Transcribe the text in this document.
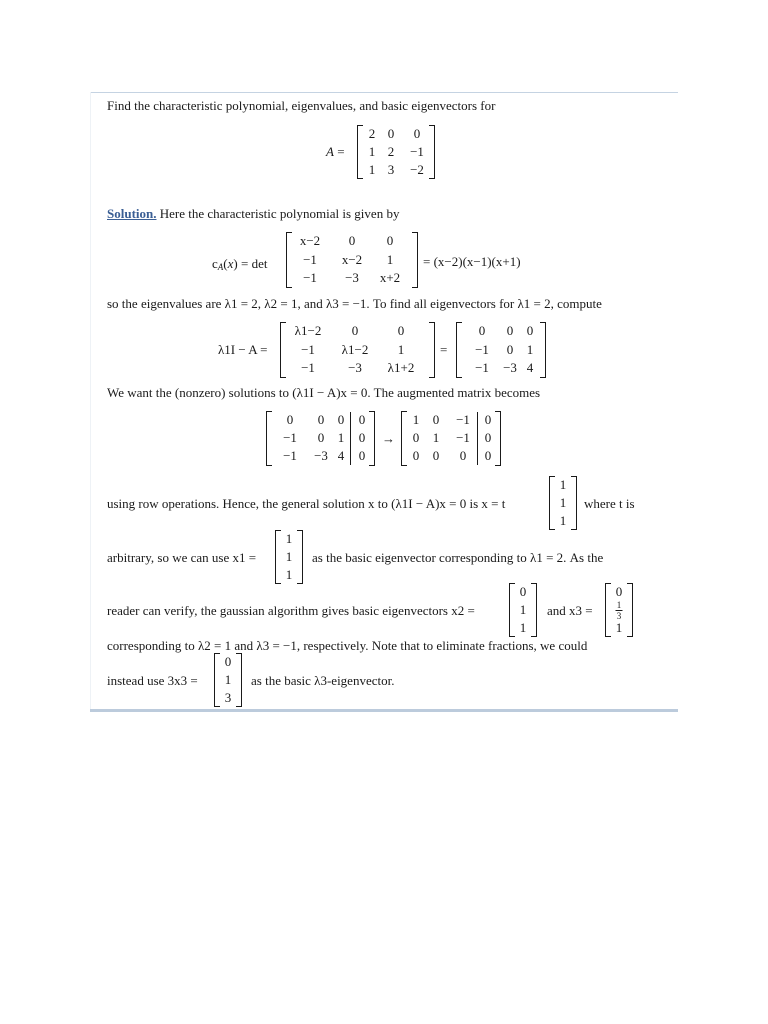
Find the characteristic polynomial, eigenvalues, and basic eigenvectors for
A =
2 0 0
1 2 −1
1 3 −2
Solution. Here the characteristic polynomial is given by
$c_A(x) = \det$
x−2 0 0
−1 x−2 1
−1 −3 x+2
= (x−2)(x−1)(x+1)
so the eigenvalues are λ1 = 2, λ2 = 1, and λ3 = −1. To find all eigenvectors for λ1 = 2, compute
λ1I − A =
λ1−2 0	0
−1 λ1−2 1
−1	−3 λ1+2
=
0 0 0
−1 0 1
−1 −3 4
We want the (nonzero) solutions to (λ1I − A)x = 0. The augmented matrix becomes
0 0 0 0
−1 0 1 0
−1 −3 4 0
→
1 0 −1 0
0 1 −1 0
0 0 0 0
using row operations. Hence, the general solution x to (λ1I − A)x = 0 is x = t
1
1
1
where t is
arbitrary, so we can use x1 =
1
1
1
as the basic eigenvector corresponding to λ1 = 2. As the
reader can verify, the gaussian algorithm gives basic eigenvectors x2 =
0
1
1
and x3 =
0
1
3
1
corresponding to λ2 = 1 and λ3 = −1, respectively. Note that to eliminate fractions, we could
instead use 3x3 =
0
1
3
as the basic λ3-eigenvector.
